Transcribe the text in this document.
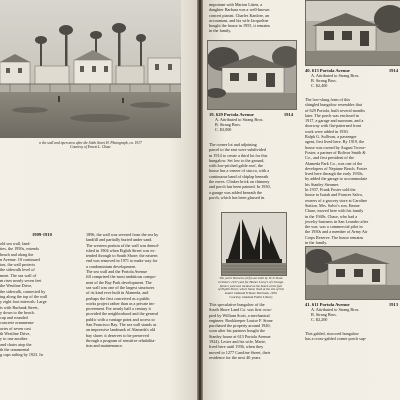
n the wall and open area after the Sixth Street H. Photograph, ca. 1917
Courtesy of Ernest L. Chase
1909-1910
old sea wall, land-
ties, the 1950s, extends
beach and along the
n Avenue. Of continued
ion, the wall protects
the sidewalk level of
ment. The sea wall of
m rises nearly seven feet
the Westline Drive,
the sidewalk, connected by
ing along the top of the wall
y eight foot intervals. Large
ts with Burbank Street,
y down to the beach.
cap and rounded
concrete ornamenta-
ories of seven cast
th Westline Drive,
y to one another.
and chairs atop the
th the ornamental
g caps railing by 1923. In
1896, the wall was severed from the sea by
landfill and partially buried under sand.
The western portion of the wall was demol-
ished in 1904 when Eighth Street was ex-
tended through to South Shore; the eastern
end was removed in 1971 to make way for
a condominium development.
The sea wall and the Portola Avenue
fill comprised the most ambitious compo-
nent of the Bay Park development. The
sea wall was one of the largest structures
of its kind ever built in Alameda, and
perhaps the first conceived as a public
works project rather than as a private im-
provement. For nearly half a century it
provided the neighborhood and the general
public with a vantage point and access to
San Francisco Bay. The sea wall stands as
an impressive landmark of Alameda's old
bay shore; it deserves to be preserved
through a program of sensitive rehabilita-
tion and maintenance.
important with Marion Litten, a
daughter Barbara was a well-known
concert pianist. Charles Kanlore, an
accountant, and his wife Jacqueline
bought the house in 1955, it remains
in the family.
19. 629 Portola Avenue	1914
A. Attributed to Strang Bros.
B. Strang Bros.
C. $3,000
The corner lot and adjoining
parcel to the east were subdivided
in 1914 to create a third lot for this
bungalow. Set low to the ground,
with low-pitched gable roof, the
house has a veneer of stucco, with a
continuous band of shiplap beneath
the eaves. Clinker brick on chimney
and porch has been painted. In 1930,
a garage was added beneath the
porch, which has been glassed in.
The yacht Venturess (left) was built by W. P. Stone
in Stone's 1917 yard for Homer Leroy's of Chicago.
Stone's yard was located on the beach at the foot
of Eighth Street, where Stone lived at the site of this
model. Oakland Tribune Yearbook, 1930.
Courtesy, Oakland Public Library
This speculative bungalow of the
South Shore Land Co. was first occu-
pied by William Scott, a mechanical
engineer. Bookkeeper Louise F. Stone
purchased the property around 1920;
soon after his partners bought the
Stanley house at 613 Portola Avenue
1924). Lester and his wife, Marie,
lived here until 1936, when they
moved to 1277 Caroline Street, their
residence for the next 40 years.
40. 613 Portola Avenue	1914
A. Attributed to Strang Bros.
B. Strang Bros.
C. $2,400
The low-slung form of this
shingled bungalow resembles that
of 629 Portola, built several months
later. The porch was enclosed in
1917, a garage and sunroom, and a
doorway with flat-patterned front
work were added in 1930.
Ralph G. Sullivan, a passenger
agent, first lived here. By 1919, the
house was owned by August Twose-
Foster, a partner of Bolivar Smith &
Co., and first president of the
Alameda Park Co., was one of the
developers of Neptune Beach. Foster
lived here through the early 1930s,
by added the garage to accommodate
his Stanley Steamer.
In 1937, Frank Foster sold the
house to Isaiah and Frances Salvo,
owners of a grocery store at Caroline
Station. Mrs. Salvo's son, Emme
Chase, moved here with his family
in the 1940s. Chase, who had a
jewelry business in San Leandro after
the war, was a commercial pilot in
the 1930s and a member of Army Air
Corps Reserve. The house remains
in the family.
41. 611 Portola Avenue	1913
A. Attributed to Strang Bros.
B. Strang Bros.
C. $2,200
This gabled, stuccoed bungalow
has a cross-gabled corner porch sup-
